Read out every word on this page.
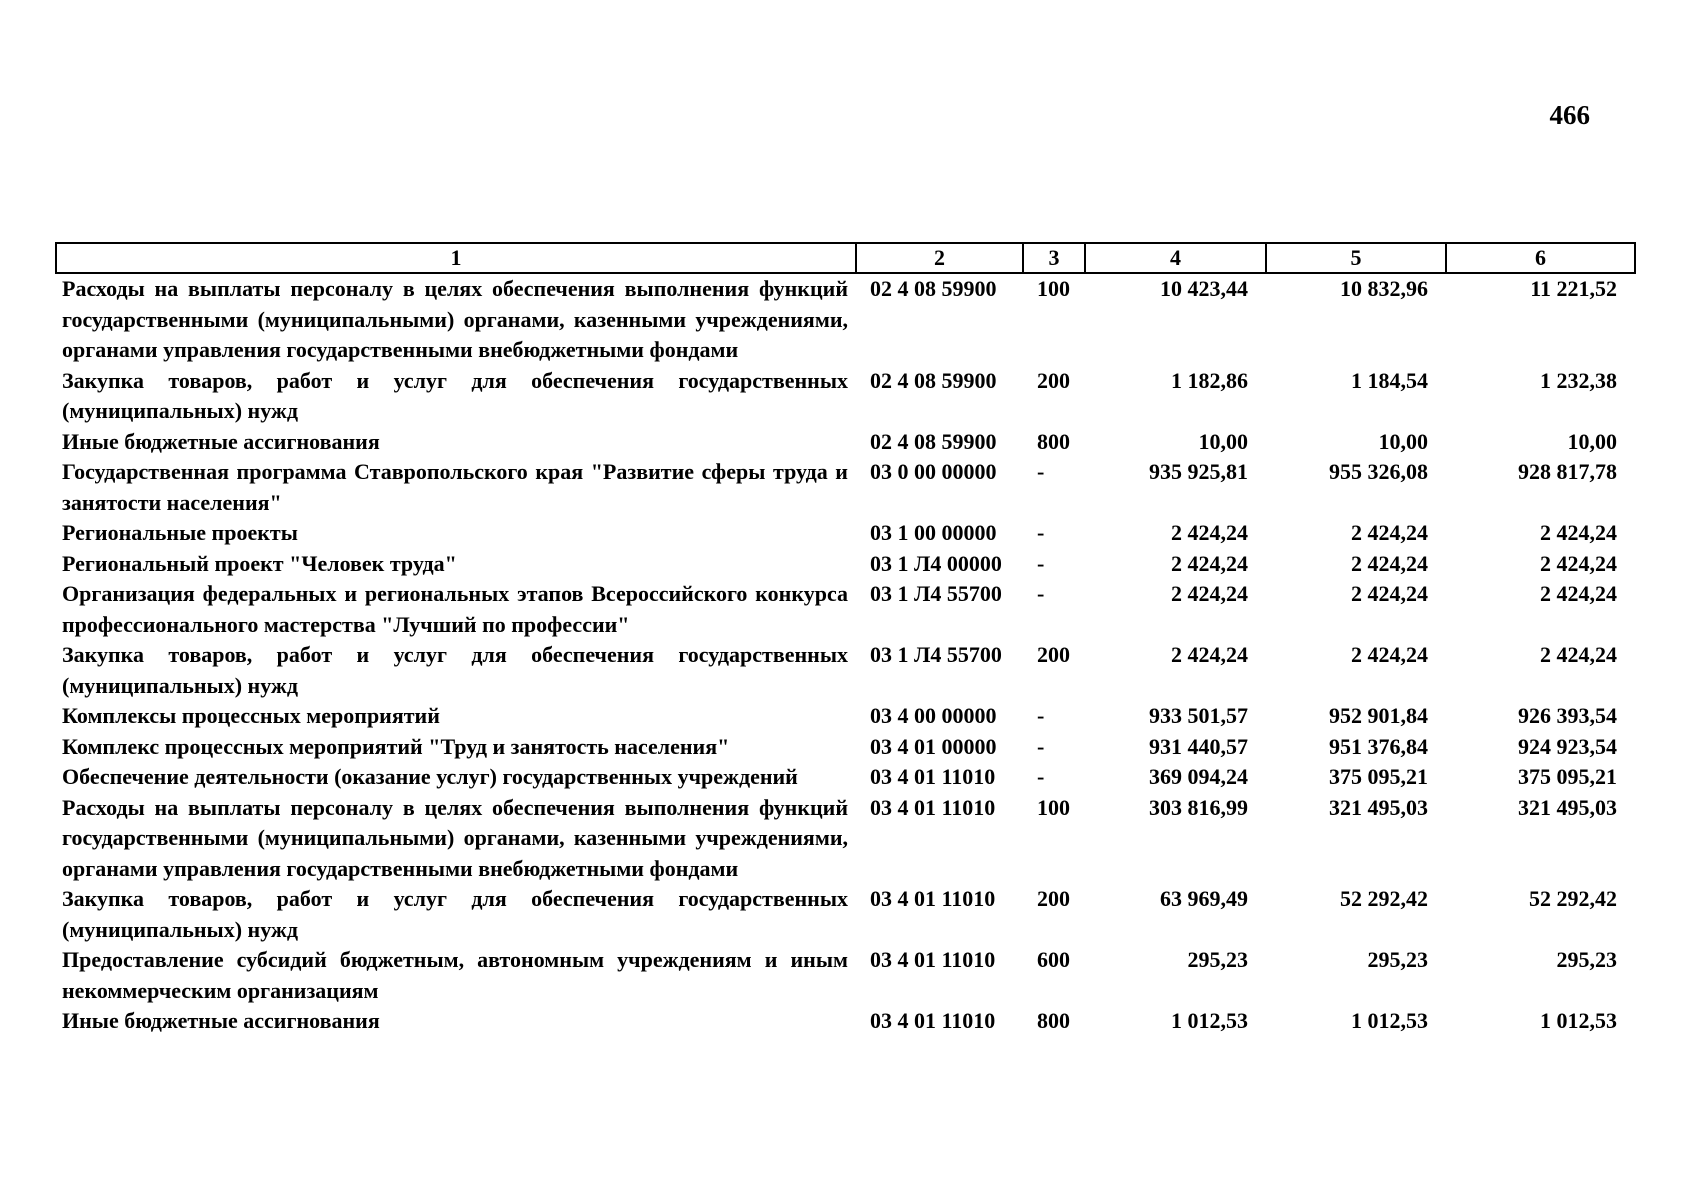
466
1	2	3	4	5	6
Расходы на выплаты персоналу в целях обеспечения выполнения функций государственными (муниципальными) органами, казенными учреждениями, органами управления государственными внебюджетными фондами	02 4 08 59900	100	10 423,44	10 832,96	11 221,52
Закупка товаров, работ и услуг для обеспечения государственных (муниципальных) нужд	02 4 08 59900	200	1 182,86	1 184,54	1 232,38
Иные бюджетные ассигнования	02 4 08 59900	800	10,00	10,00	10,00
Государственная программа Ставропольского края "Развитие сферы труда и занятости населения"	03 0 00 00000	-	935 925,81	955 326,08	928 817,78
Региональные проекты	03 1 00 00000	-	2 424,24	2 424,24	2 424,24
Региональный проект "Человек труда"	03 1 Л4 00000	-	2 424,24	2 424,24	2 424,24
Организация федеральных и региональных этапов Всероссийского конкурса профессионального мастерства "Лучший по профессии"	03 1 Л4 55700	-	2 424,24	2 424,24	2 424,24
Закупка товаров, работ и услуг для обеспечения государственных (муниципальных) нужд	03 1 Л4 55700	200	2 424,24	2 424,24	2 424,24
Комплексы процессных мероприятий	03 4 00 00000	-	933 501,57	952 901,84	926 393,54
Комплекс процессных мероприятий "Труд и занятость населения"	03 4 01 00000	-	931 440,57	951 376,84	924 923,54
Обеспечение деятельности (оказание услуг) государственных учреждений	03 4 01 11010	-	369 094,24	375 095,21	375 095,21
Расходы на выплаты персоналу в целях обеспечения выполнения функций государственными (муниципальными) органами, казенными учреждениями, органами управления государственными внебюджетными фондами	03 4 01 11010	100	303 816,99	321 495,03	321 495,03
Закупка товаров, работ и услуг для обеспечения государственных (муниципальных) нужд	03 4 01 11010	200	63 969,49	52 292,42	52 292,42
Предоставление субсидий бюджетным, автономным учреждениям и иным некоммерческим организациям	03 4 01 11010	600	295,23	295,23	295,23
Иные бюджетные ассигнования	03 4 01 11010	800	1 012,53	1 012,53	1 012,53
